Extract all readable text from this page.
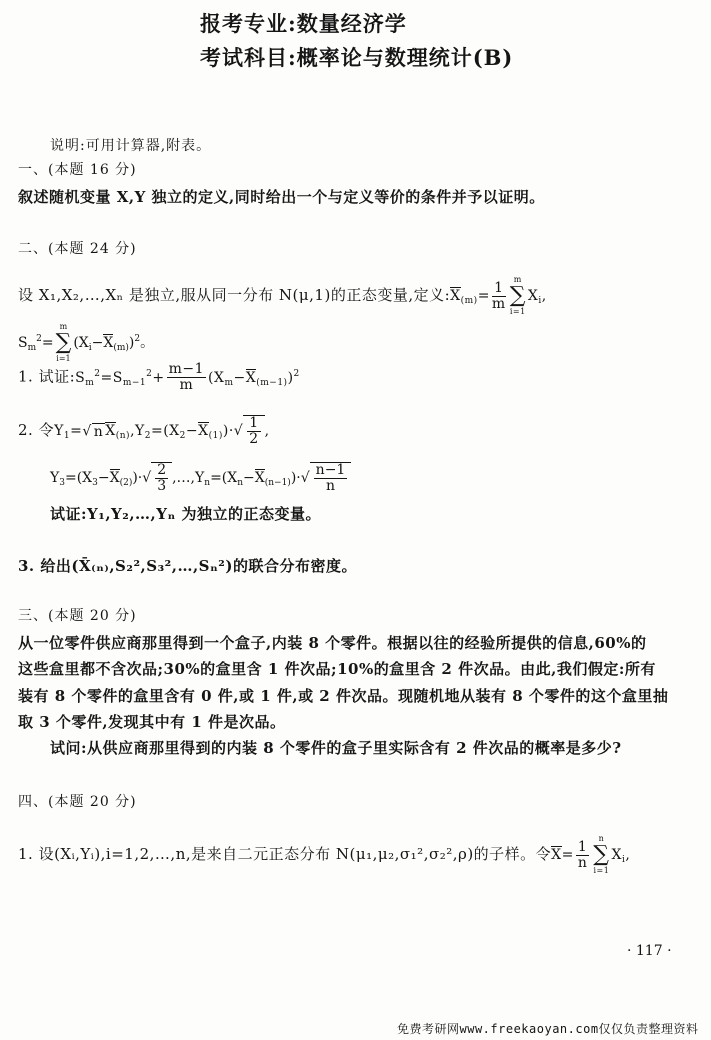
报考专业:数量经济学
考试科目:概率论与数理统计(B)
说明:可用计算器,附表。
一、(本题 16 分)
叙述随机变量 X,Y 独立的定义,同时给出一个与定义等价的条件并予以证明。
二、(本题 24 分)
设 X₁,X₂,…,Xₙ 是独立,服从同一分布 N(μ,1)的正态变量,定义$:X_{(m)}= \frac{1}{m}$
m
∑
i=1
$X_i$,
$S_m^2=$
m
∑
i=1
$(X_i-X_{(m)})^2$。
1. 试证$:S_m^2=S_{m-1}^2+ \frac{m-1}{m} (X_m-X_{(m-1)})^2$
2. 令$Y_1=√$ n $X_{(n)},Y_2=(X_2-X_{(1)})\cdot√ \frac{1}{2}$ ,
$Y_3=(X_3-X_{(2)})\cdot√ \frac{2}{3}$ $,\dots,Y_n=(X_n-X_{(n-1)})\cdot√ \frac{n-1}{n}$
试证:Y₁,Y₂,…,Yₙ 为独立的正态变量。
3. 给出(X̄₍ₙ₎,S₂²,S₃²,…,Sₙ²)的联合分布密度。
三、(本题 20 分)
从一位零件供应商那里得到一个盒子,内装 8 个零件。根据以往的经验所提供的信息,60%的
这些盒里都不含次品;30%的盒里含 1 件次品;10%的盒里含 2 件次品。由此,我们假定:所有
装有 8 个零件的盒里含有 0 件,或 1 件,或 2 件次品。现随机地从装有 8 个零件的这个盒里抽
取 3 个零件,发现其中有 1 件是次品。
试问:从供应商那里得到的内装 8 个零件的盒子里实际含有 2 件次品的概率是多少?
四、(本题 20 分)
1. 设(Xᵢ,Yᵢ),i=1,2,…,n,是来自二元正态分布 N(μ₁,μ₂,σ₁²,σ₂²,ρ)的子样。令$X= \frac{1}{n}$
n
∑
i=1
$X_i$,
· 117 ·
免费考研网www.freekaoyan.com仅仅负责整理资料
